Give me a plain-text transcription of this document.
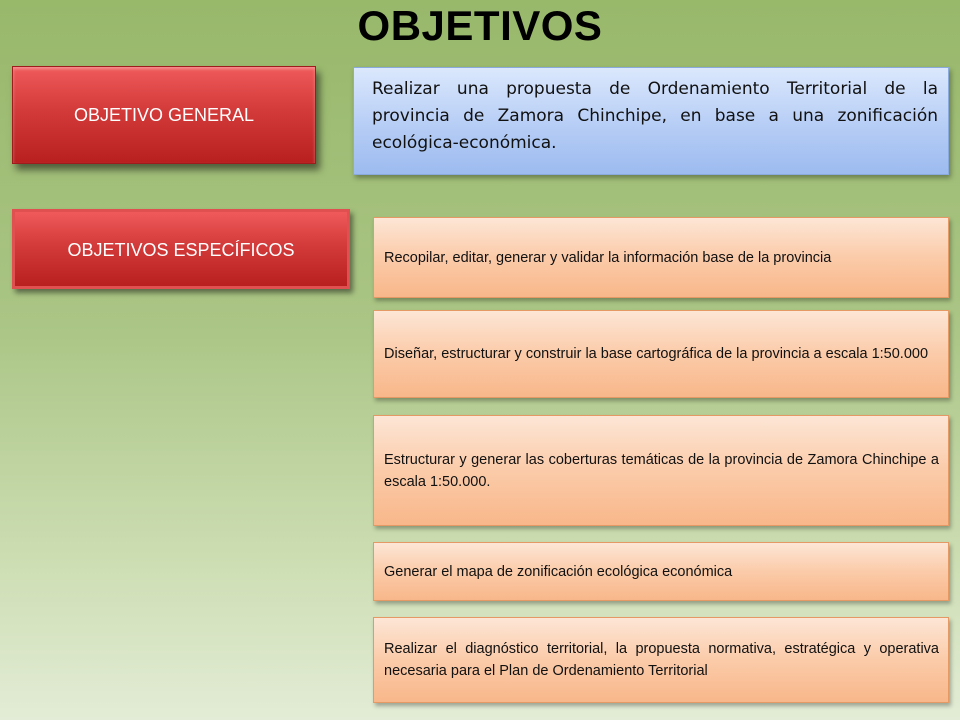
OBJETIVOS
OBJETIVO GENERAL
Realizar una propuesta de Ordenamiento Territorial de la provincia de Zamora Chinchipe, en base a una zonificación ecológica-económica.
OBJETIVOS ESPECÍFICOS	Recopilar, editar, generar y validar la información base de la provincia
Diseñar, estructurar y construir la base cartográfica de la provincia a escala 1:50.000
Estructurar y generar las coberturas temáticas de la provincia de Zamora Chinchipe a escala 1:50.000.
Generar el mapa de zonificación ecológica económica
Realizar el diagnóstico territorial, la propuesta normativa, estratégica y operativa necesaria para el Plan de Ordenamiento Territorial
